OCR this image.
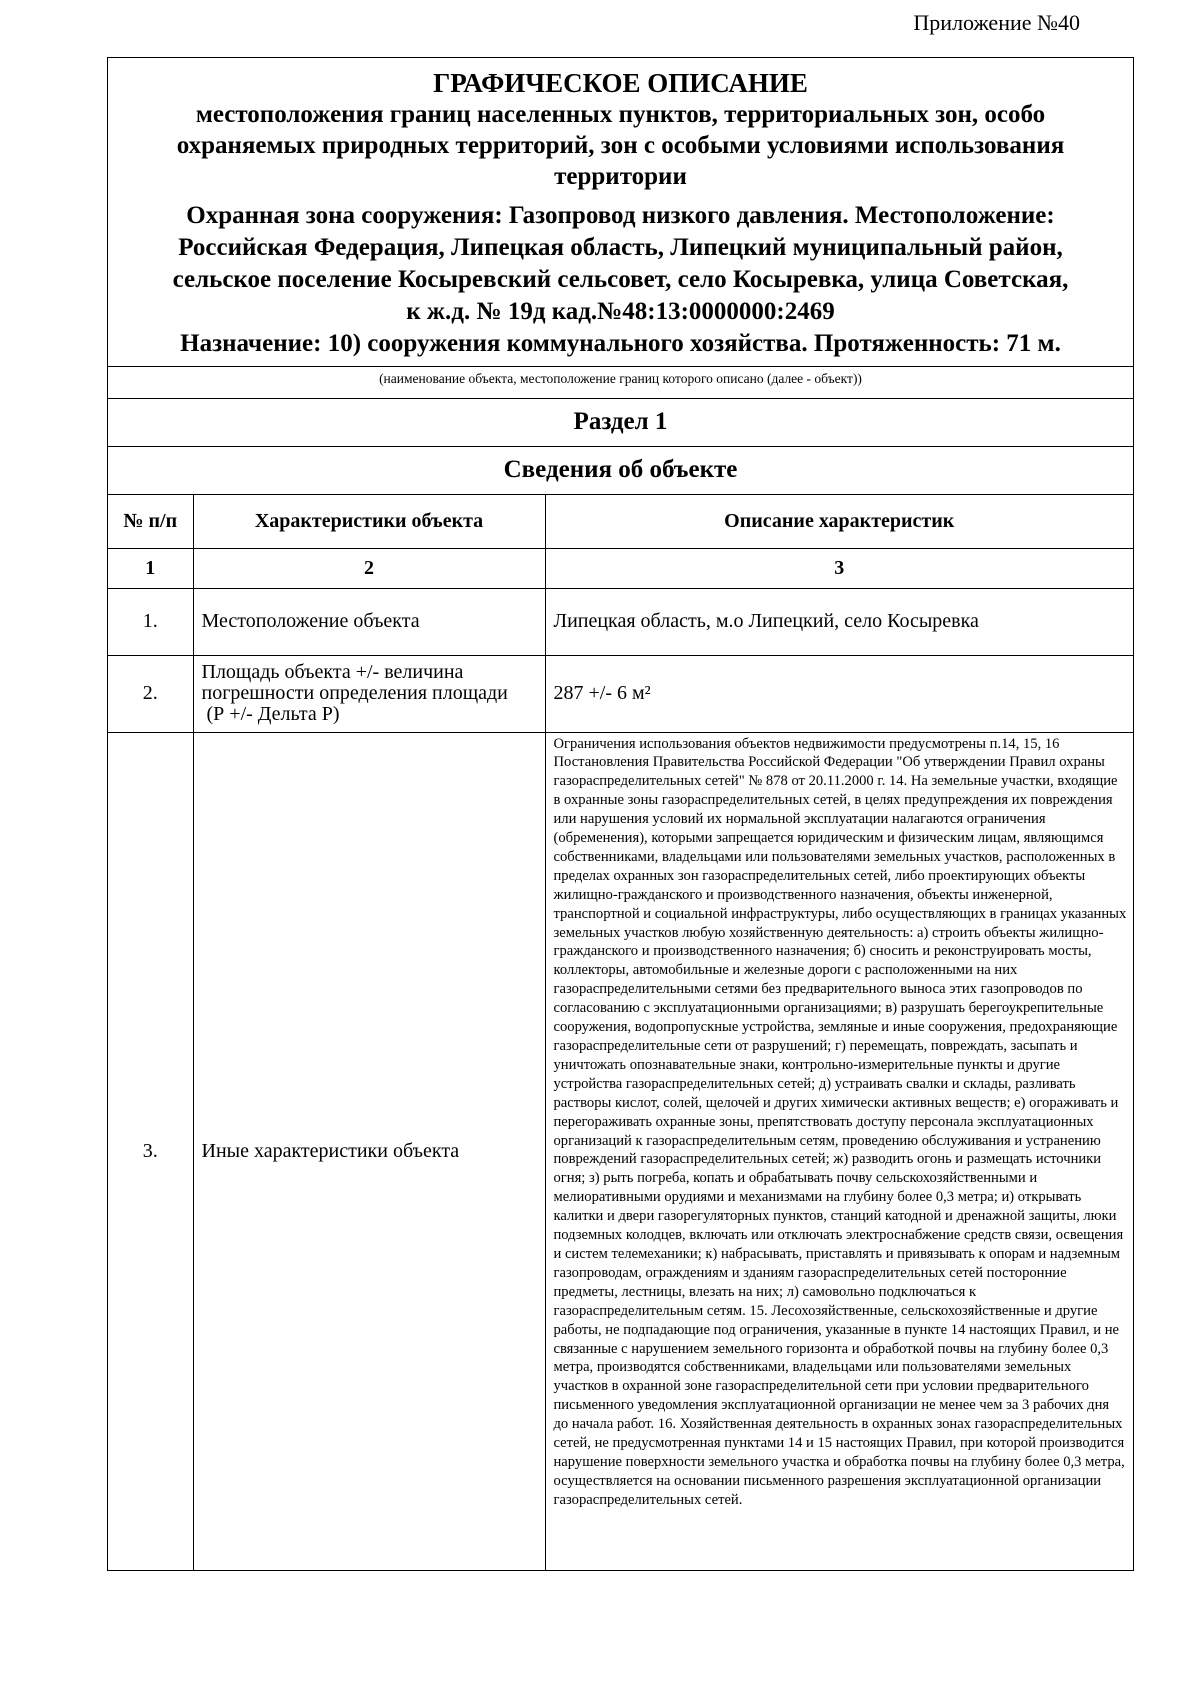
Приложение №40
ГРАФИЧЕСКОЕ ОПИСАНИЕ
местоположения границ населенных пунктов, территориальных зон, особо охраняемых природных территорий, зон с особыми условиями использования территории
Охранная зона сооружения: Газопровод низкого давления. Местоположение:
Российская Федерация, Липецкая область, Липецкий муниципальный район,
сельское поселение Косыревский сельсовет, село Косыревка, улица Советская,
к ж.д. № 19д кад.№48:13:0000000:2469
Назначение: 10) сооружения коммунального хозяйства. Протяженность: 71 м.
(наименование объекта, местоположение границ которого описано (далее - объект))
Раздел 1
Сведения об объекте
№ п/п	Характеристики объекта	Описание характеристик
1	2	3
1.	Местоположение объекта	Липецкая область, м.о Липецкий, село Косыревка
2.	Площадь объекта +/- величина
погрешности определения площади
(Р +/- Дельта Р)	287 +/- 6 м²
3.	Иные характеристики объекта	Ограничения использования объектов недвижимости предусмотрены п.14, 15, 16 Постановления Правительства Российской Федерации "Об утверждении Правил охраны газораспределительных сетей" № 878 от 20.11.2000 г. 14. На земельные участки, входящие в охранные зоны газораспределительных сетей, в целях предупреждения их повреждения или нарушения условий их нормальной эксплуатации налагаются ограничения (обременения), которыми запрещается юридическим и физическим лицам, являющимся собственниками, владельцами или пользователями земельных участков, расположенных в пределах охранных зон газораспределительных сетей, либо проектирующих объекты жилищно-гражданского и производственного назначения, объекты инженерной, транспортной и социальной инфраструктуры, либо осуществляющих в границах указанных земельных участков любую хозяйственную деятельность: а) строить объекты жилищно-гражданского и производственного назначения; б) сносить и реконструировать мосты, коллекторы, автомобильные и железные дороги с расположенными на них газораспределительными сетями без предварительного выноса этих газопроводов по согласованию с эксплуатационными организациями; в) разрушать берегоукрепительные сооружения, водопропускные устройства, земляные и иные сооружения, предохраняющие газораспределительные сети от разрушений; г) перемещать, повреждать, засыпать и уничтожать опознавательные знаки, контрольно-измерительные пункты и другие устройства газораспределительных сетей; д) устраивать свалки и склады, разливать растворы кислот, солей, щелочей и других химически активных веществ; е) огораживать и перегораживать охранные зоны, препятствовать доступу персонала эксплуатационных организаций к газораспределительным сетям, проведению обслуживания и устранению повреждений газораспределительных сетей; ж) разводить огонь и размещать источники огня; з) рыть погреба, копать и обрабатывать почву сельскохозяйственными и мелиоративными орудиями и механизмами на глубину более 0,3 метра; и) открывать калитки и двери газорегуляторных пунктов, станций катодной и дренажной защиты, люки подземных колодцев, включать или отключать электроснабжение средств связи, освещения и систем телемеханики; к) набрасывать, приставлять и привязывать к опорам и надземным газопроводам, ограждениям и зданиям газораспределительных сетей посторонние предметы, лестницы, влезать на них; л) самовольно подключаться к газораспределительным сетям. 15. Лесохозяйственные, сельскохозяйственные и другие работы, не подпадающие под ограничения, указанные в пункте 14 настоящих Правил, и не связанные с нарушением земельного горизонта и обработкой почвы на глубину более 0,3 метра, производятся собственниками, владельцами или пользователями земельных участков в охранной зоне газораспределительной сети при условии предварительного письменного уведомления эксплуатационной организации не менее чем за 3 рабочих дня до начала работ. 16. Хозяйственная деятельность в охранных зонах газораспределительных сетей, не предусмотренная пунктами 14 и 15 настоящих Правил, при которой производится нарушение поверхности земельного участка и обработка почвы на глубину более 0,3 метра, осуществляется на основании письменного разрешения эксплуатационной организации газораспределительных сетей.
